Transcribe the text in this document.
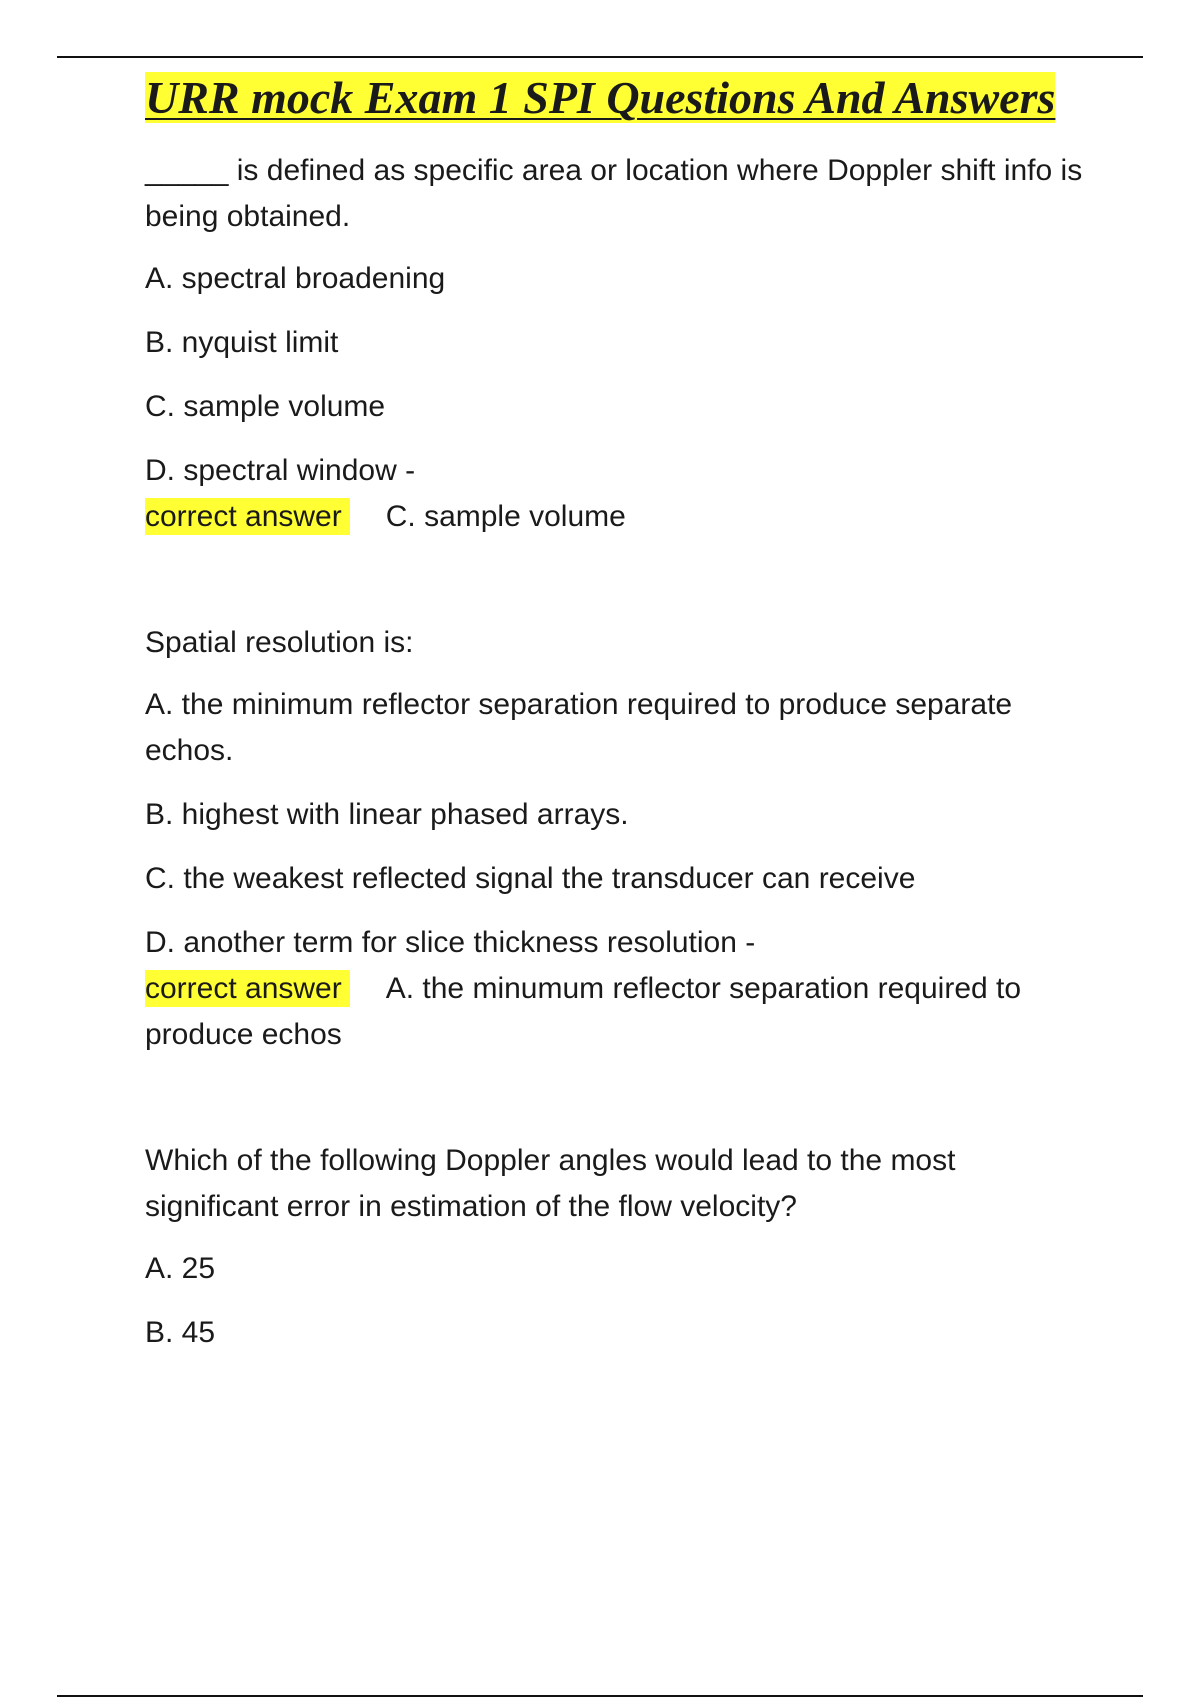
URR mock Exam 1 SPI Questions And Answers

_____ is defined as specific area or location where Doppler shift info is being obtained.

A. spectral broadening

B. nyquist limit

C. sample volume

D. spectral window -

correct answer C. sample volume

Spatial resolution is:

A. the minimum reflector separation required to produce separate echos.

B. highest with linear phased arrays.

C. the weakest reflected signal the transducer can receive

D. another term for slice thickness resolution -

correct answer A. the minumum reflector separation required to produce echos

Which of the following Doppler angles would lead to the most significant error in estimation of the flow velocity?

A. 25

B. 45
